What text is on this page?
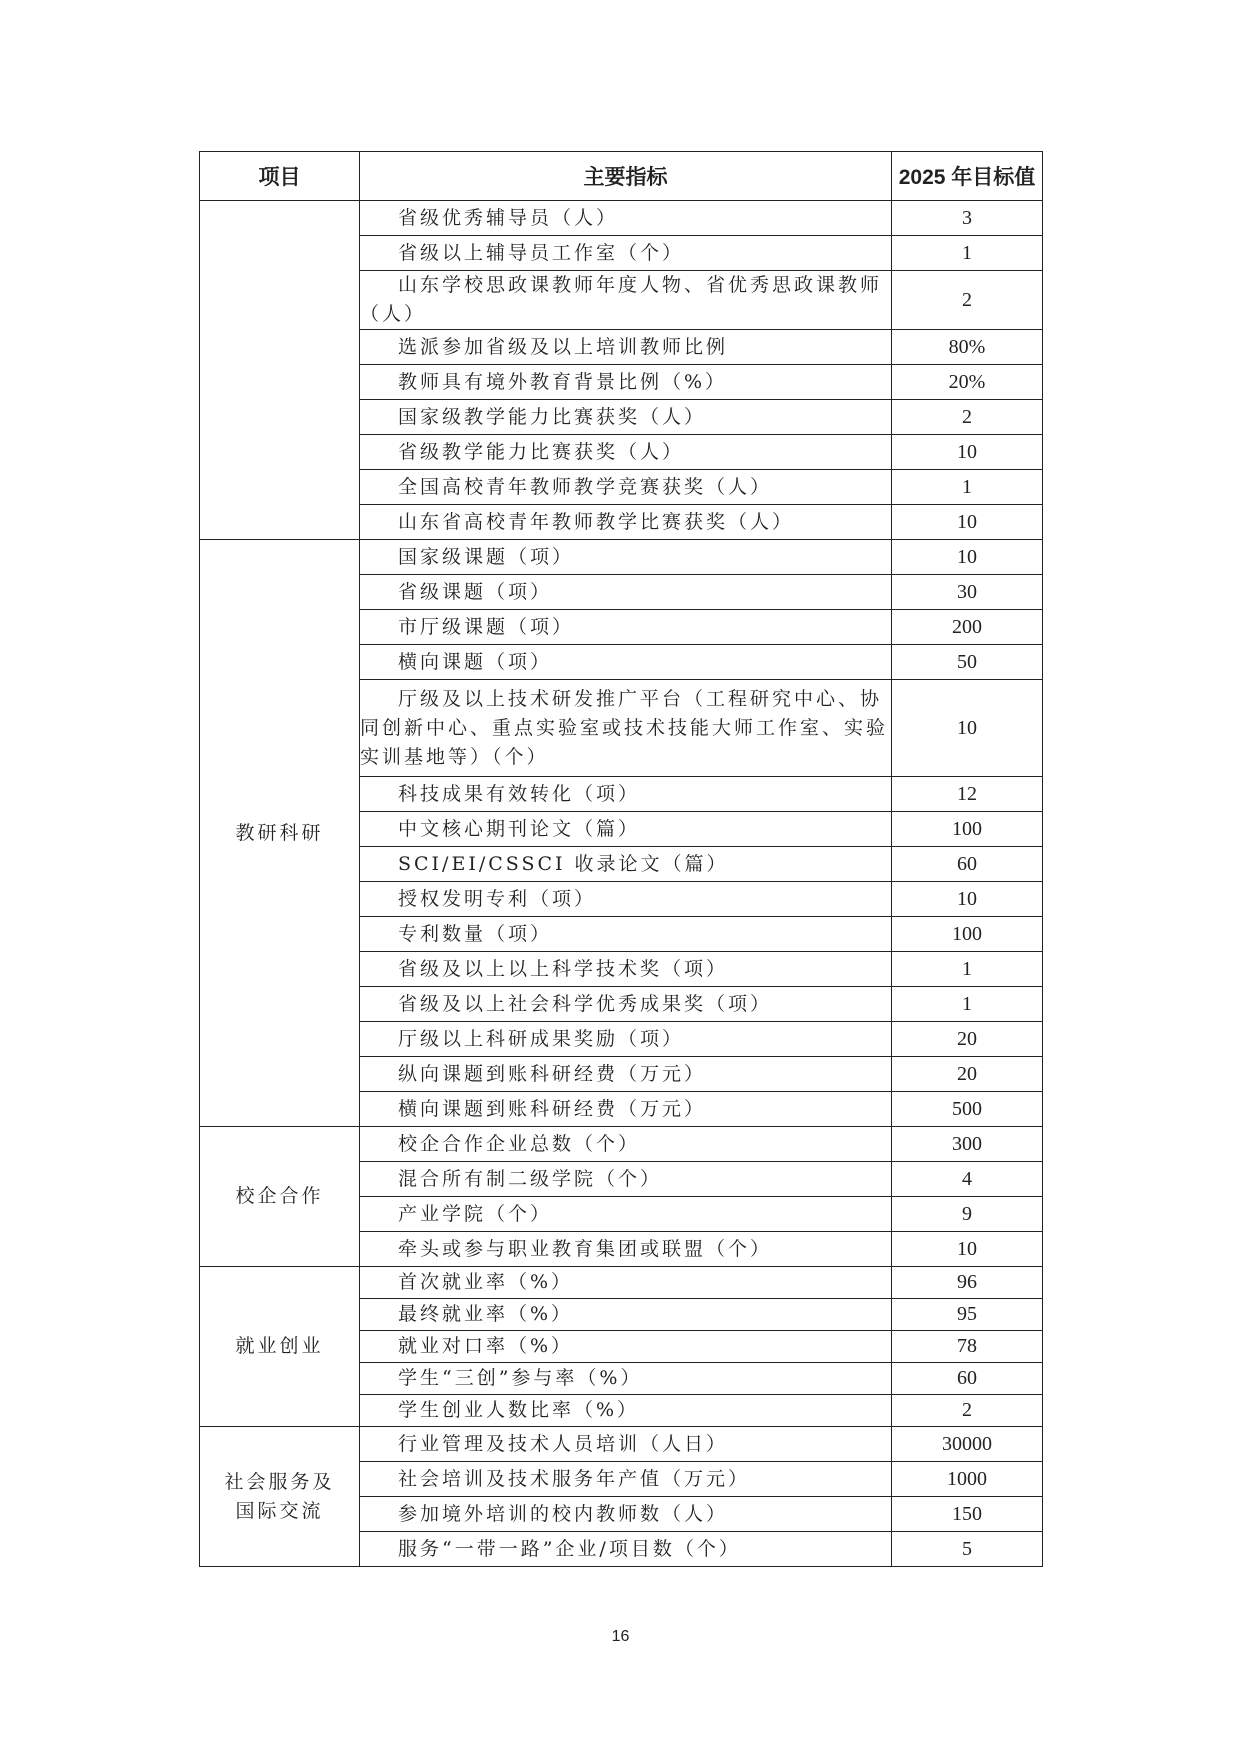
项目	主要指标	2025 年目标值
	省级优秀辅导员（人）	3
	省级以上辅导员工作室（个）	1
	山东学校思政课教师年度人物、省优秀思政课教师（人）	2
	选派参加省级及以上培训教师比例	80%
	教师具有境外教育背景比例（%）	20%
	国家级教学能力比赛获奖（人）	2
	省级教学能力比赛获奖（人）	10
	全国高校青年教师教学竞赛获奖（人）	1
	山东省高校青年教师教学比赛获奖（人）	10
教研科研	国家级课题（项）	10
	省级课题（项）	30
	市厅级课题（项）	200
	横向课题（项）	50
	厅级及以上技术研发推广平台（工程研究中心、协同创新中心、重点实验室或技术技能大师工作室、实验实训基地等）（个）	10
	科技成果有效转化（项）	12
	中文核心期刊论文（篇）	100
	SCI/EI/CSSCI 收录论文（篇）	60
	授权发明专利（项）	10
	专利数量（项）	100
	省级及以上以上科学技术奖（项）	1
	省级及以上社会科学优秀成果奖（项）	1
	厅级以上科研成果奖励（项）	20
	纵向课题到账科研经费（万元）	20
	横向课题到账科研经费（万元）	500
校企合作	校企合作企业总数（个）	300
	混合所有制二级学院（个）	4
	产业学院（个）	9
	牵头或参与职业教育集团或联盟（个）	10
就业创业	首次就业率（%）	96
	最终就业率（%）	95
	就业对口率（%）	78
	学生“三创”参与率（%）	60
	学生创业人数比率（%）	2
社会服务及国际交流	行业管理及技术人员培训（人日）	30000
	社会培训及技术服务年产值（万元）	1000
	参加境外培训的校内教师数（人）	150
	服务“一带一路”企业/项目数（个）	5
16
